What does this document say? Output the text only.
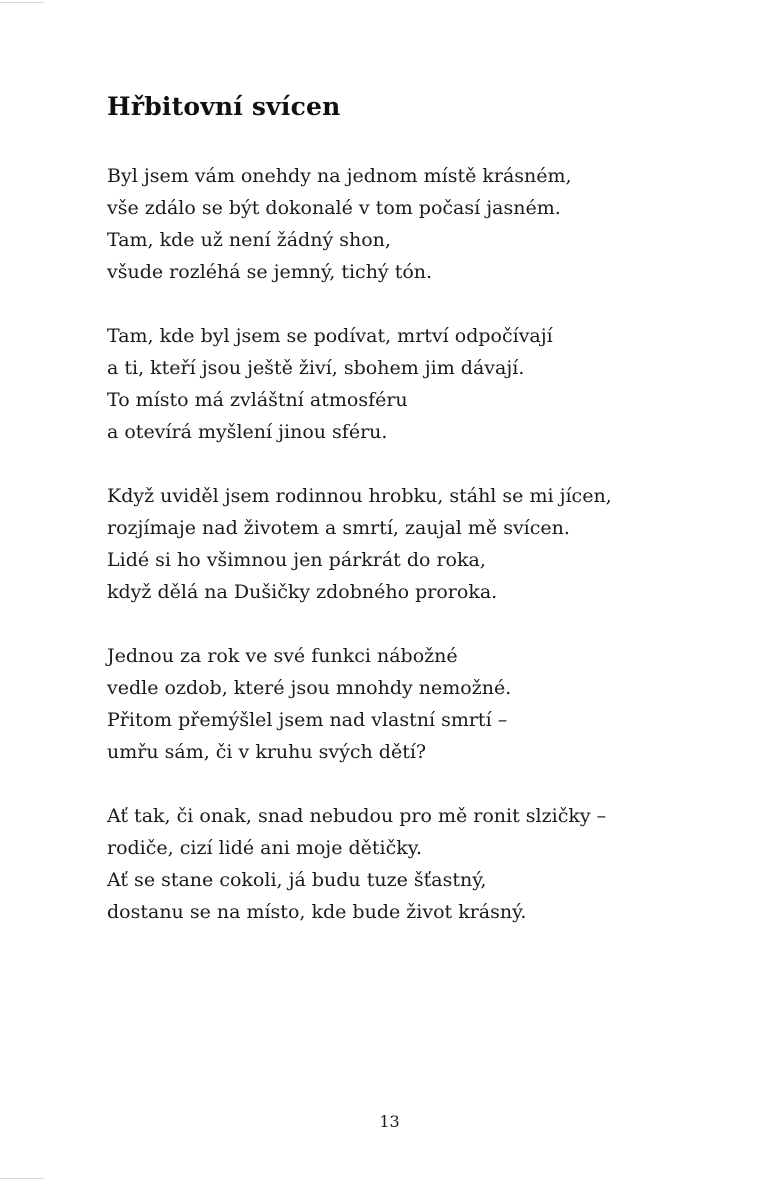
Hřbitovní svícen
Byl jsem vám onehdy na jednom místě krásném,
vše zdálo se být dokonalé v tom počasí jasném.
Tam, kde už není žádný shon,
všude rozléhá se jemný, tichý tón.
Tam, kde byl jsem se podívat, mrtví odpočívají
a ti, kteří jsou ještě živí, sbohem jim dávají.
To místo má zvláštní atmosféru
a otevírá myšlení jinou sféru.
Když uviděl jsem rodinnou hrobku, stáhl se mi jícen,
rozjímaje nad životem a smrtí, zaujal mě svícen.
Lidé si ho všimnou jen párkrát do roka,
když dělá na Dušičky zdobného proroka.
Jednou za rok ve své funkci nábožné
vedle ozdob, které jsou mnohdy nemožné.
Přitom přemýšlel jsem nad vlastní smrtí –
umřu sám, či v kruhu svých dětí?
Ať tak, či onak, snad nebudou pro mě ronit slzičky –
rodiče, cizí lidé ani moje dětičky.
Ať se stane cokoli, já budu tuze šťastný,
dostanu se na místo, kde bude život krásný.
13
